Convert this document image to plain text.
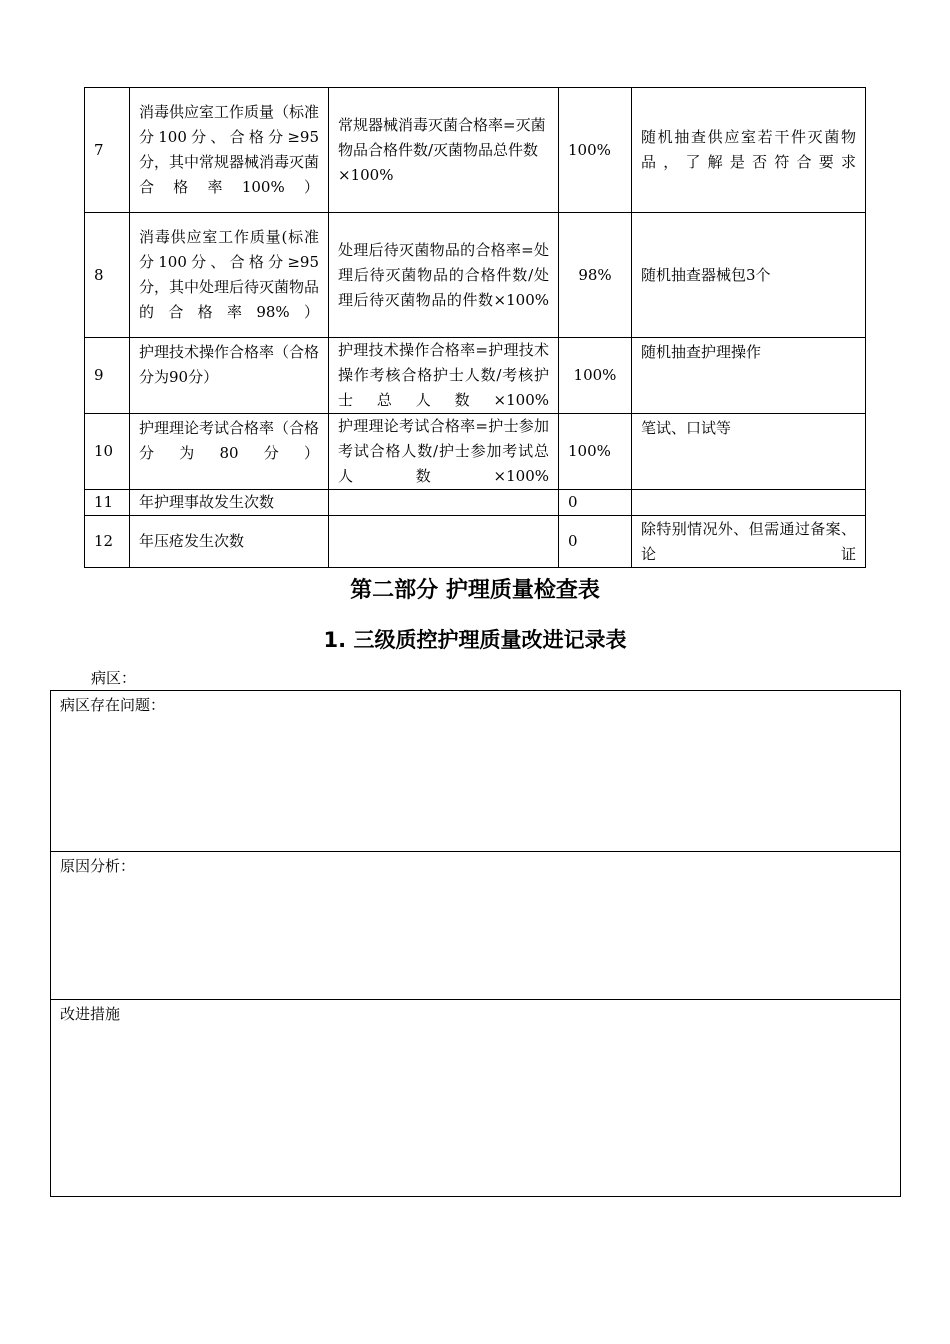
7	消毒供应室工作质量（标准分100分、合格分≥95分，其中常规器械消毒灭菌合格率100%）	常规器械消毒灭菌合格率=灭菌物品合格件数/灭菌物品总件数×100%	100%	随机抽查供应室若干件灭菌物品，了解是否符合要求
8	消毒供应室工作质量(标准分100分、合格分≥95分，其中处理后待灭菌物品的合格率98%）	处理后待灭菌物品的合格率=处理后待灭菌物品的合格件数/处理后待灭菌物品的件数×100%	98%	随机抽查器械包3个
9	护理技术操作合格率（合格分为90分）	护理技术操作合格率=护理技术操作考核合格护士人数/考核护士总人数×100%	100%	随机抽查护理操作
10	护理理论考试合格率（合格分为80分）	护理理论考试合格率=护士参加考试合格人数/护士参加考试总人数×100%	100%	笔试、口试等
11	年护理事故发生次数		0	
12	年压疮发生次数		0	除特别情况外、但需通过备案、论证
第二部分 护理质量检查表
1. 三级质控护理质量改进记录表
病区：
病区存在问题：
原因分析：
改进措施
